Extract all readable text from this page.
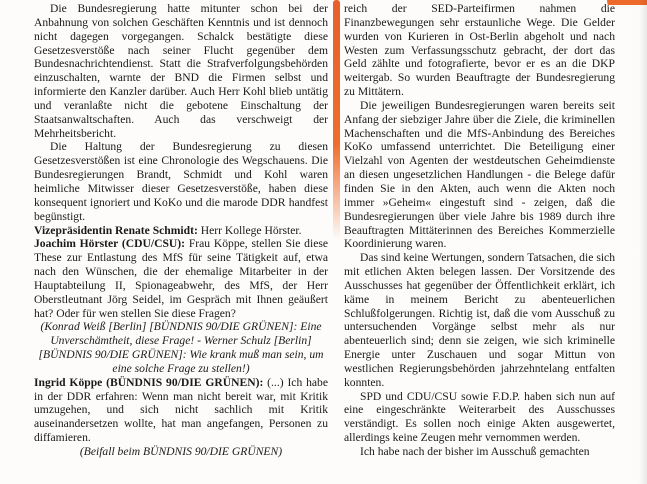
Die Bundesregierung hatte mitunter schon bei der Anbahnung von solchen Geschäften Kenntnis und ist dennoch nicht dagegen vorgegangen. Schalck bestätigte diese Gesetzesverstöße nach seiner Flucht gegenüber dem Bundesnachrichtendienst. Statt die Strafverfolgungsbehörden einzuschalten, warnte der BND die Firmen selbst und informierte den Kanzler darüber. Auch Herr Kohl blieb untätig und veranlaßte nicht die gebotene Einschaltung der Staatsanwaltschaften. Auch das verschweigt der Mehrheitsbericht.

Die Haltung der Bundesregierung zu diesen Gesetzesverstößen ist eine Chronologie des Wegschauens. Die Bundesregierungen Brandt, Schmidt und Kohl waren heimliche Mitwisser dieser Gesetzesverstöße, haben diese konsequent ignoriert und KoKo und die marode DDR handfest begünstigt.

Vizepräsidentin Renate Schmidt: Herr Kollege Hörster.

Joachim Hörster (CDU/CSU): Frau Köppe, stellen Sie diese These zur Entlastung des MfS für seine Tätigkeit auf, etwa nach den Wünschen, die der ehemalige Mitarbeiter in der Hauptabteilung II, Spionageabwehr, des MfS, der Herr Oberstleutnant Jörg Seidel, im Gespräch mit Ihnen geäußert hat? Oder für wen stellen Sie diese Fragen?

(Konrad Weiß [Berlin] [BÜNDNIS 90/DIE GRÜNEN]: Eine Unverschämtheit, diese Frage! - Werner Schulz [Berlin] [BÜNDNIS 90/DIE GRÜNEN]: Wie krank muß man sein, um eine solche Frage zu stellen!)

Ingrid Köppe (BÜNDNIS 90/DIE GRÜNEN): (...) Ich habe in der DDR erfahren: Wenn man nicht bereit war, mit Kritik umzugehen, und sich nicht sachlich mit Kritik auseinandersetzen wollte, hat man angefangen, Personen zu diffamieren.

(Beifall beim BÜNDNIS 90/DIE GRÜNEN)

reich der SED-Parteifirmen nahmen die Finanzbewegungen sehr erstaunliche Wege. Die Gelder wurden von Kurieren in Ost-Berlin abgeholt und nach Westen zum Verfassungsschutz gebracht, der dort das Geld zählte und fotografierte, bevor er es an die DKP weitergab. So wurden Beauftragte der Bundesregierung zu Mittätern.

Die jeweiligen Bundesregierungen waren bereits seit Anfang der siebziger Jahre über die Ziele, die kriminellen Machenschaften und die MfS-Anbindung des Bereiches KoKo umfassend unterrichtet. Die Beteiligung einer Vielzahl von Agenten der westdeutschen Geheimdienste an diesen ungesetzlichen Handlungen - die Belege dafür finden Sie in den Akten, auch wenn die Akten noch immer »Geheim« eingestuft sind - zeigen, daß die Bundesregierungen über viele Jahre bis 1989 durch ihre Beauftragten Mittäterinnen des Bereiches Kommerzielle Koordinierung waren.

Das sind keine Wertungen, sondern Tatsachen, die sich mit etlichen Akten belegen lassen. Der Vorsitzende des Ausschusses hat gegenüber der Öffentlichkeit erklärt, ich käme in meinem Bericht zu abenteuerlichen Schlußfolgerungen. Richtig ist, daß die vom Ausschuß zu untersuchenden Vorgänge selbst mehr als nur abenteuerlich sind; denn sie zeigen, wie sich kriminelle Energie unter Zuschauen und sogar Mittun von westlichen Regierungsbehörden jahrzehntelang entfalten konnten.

SPD und CDU/CSU sowie F.D.P. haben sich nun auf eine eingeschränkte Weiterarbeit des Ausschusses verständigt. Es sollen noch einige Akten ausgewertet, allerdings keine Zeugen mehr vernommen werden.

Ich habe nach der bisher im Ausschuß gemachten
